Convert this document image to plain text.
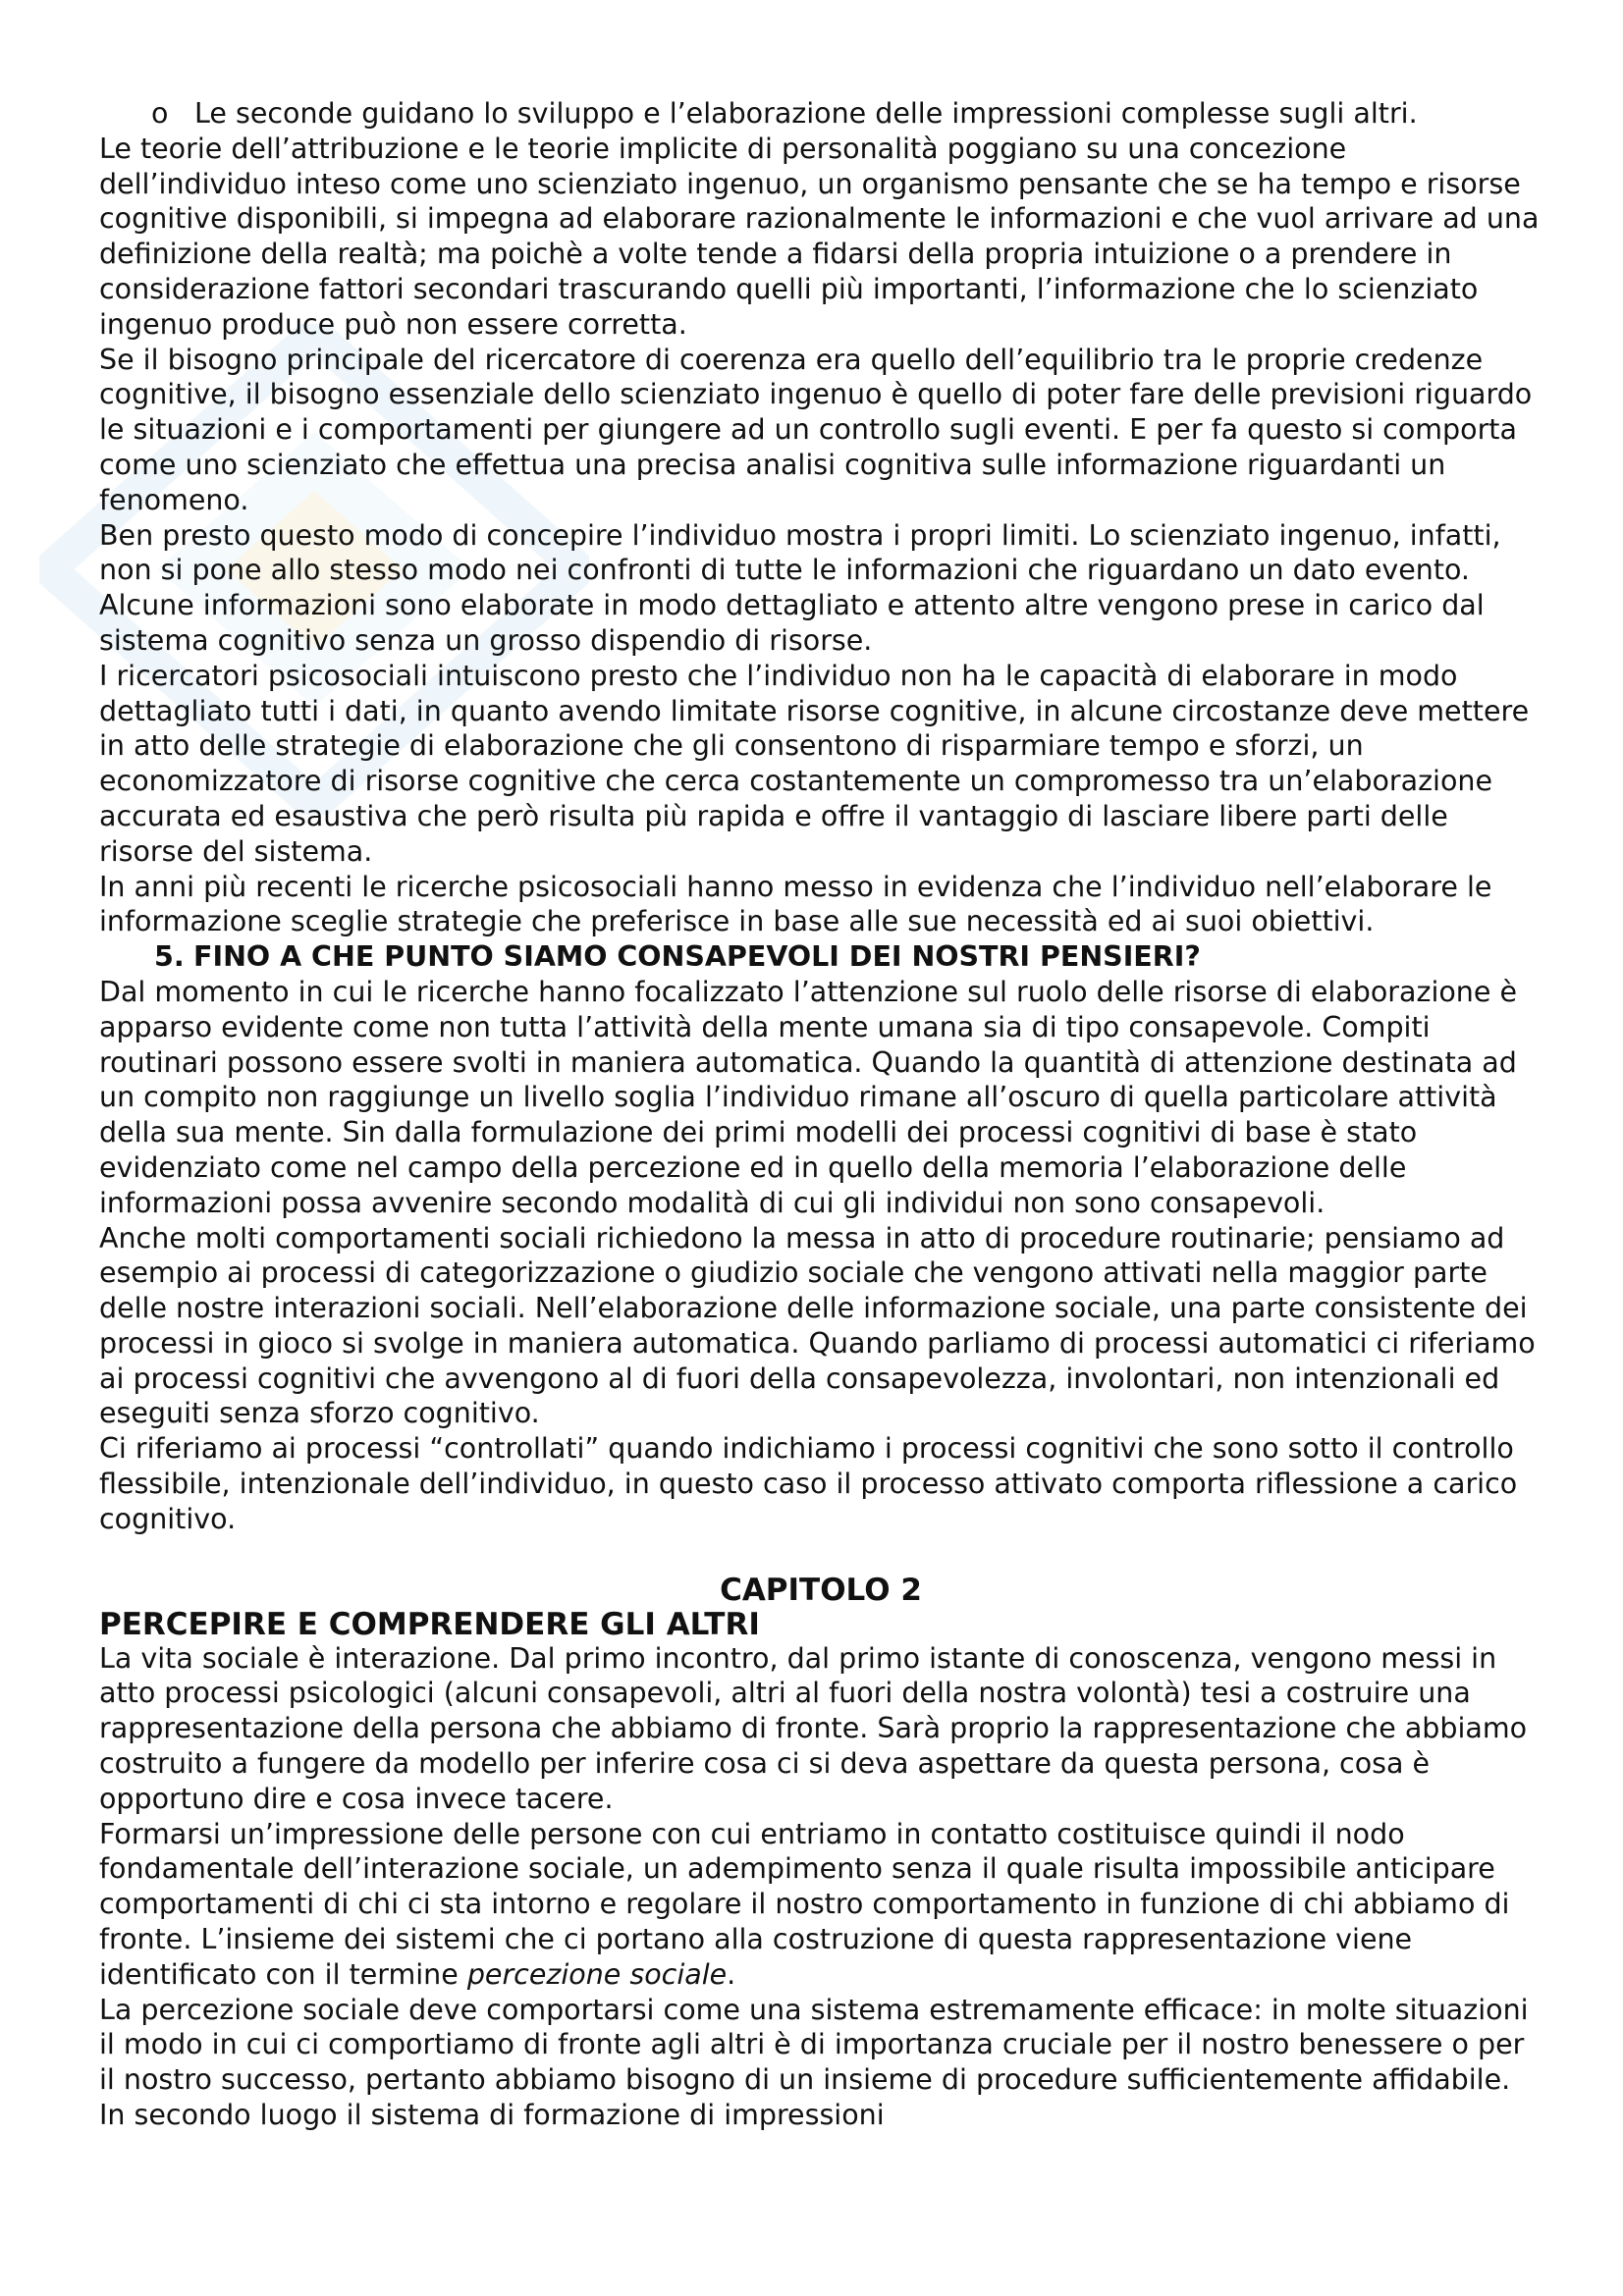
o Le seconde guidano lo sviluppo e l’elaborazione delle impressioni complesse sugli altri.

Le teorie dell’attribuzione e le teorie implicite di personalità poggiano su una concezione dell’individuo inteso come uno scienziato ingenuo, un organismo pensante che se ha tempo e risorse cognitive disponibili, si impegna ad elaborare razionalmente le informazioni e che vuol arrivare ad una definizione della realtà; ma poichè a volte tende a fidarsi della propria intuizione o a prendere in considerazione fattori secondari trascurando quelli più importanti, l’informazione che lo scienziato ingenuo produce può non essere corretta.

Se il bisogno principale del ricercatore di coerenza era quello dell’equilibrio tra le proprie credenze cognitive, il bisogno essenziale dello scienziato ingenuo è quello di poter fare delle previsioni riguardo le situazioni e i comportamenti per giungere ad un controllo sugli eventi. E per fa questo si comporta come uno scienziato che effettua una precisa analisi cognitiva sulle informazione riguardanti un fenomeno.

Ben presto questo modo di concepire l’individuo mostra i propri limiti. Lo scienziato ingenuo, infatti, non si pone allo stesso modo nei confronti di tutte le informazioni che riguardano un dato evento. Alcune informazioni sono elaborate in modo dettagliato e attento altre vengono prese in carico dal sistema cognitivo senza un grosso dispendio di risorse.

I ricercatori psicosociali intuiscono presto che l’individuo non ha le capacità di elaborare in modo dettagliato tutti i dati, in quanto avendo limitate risorse cognitive, in alcune circostanze deve mettere in atto delle strategie di elaborazione che gli consentono di risparmiare tempo e sforzi, un economizzatore di risorse cognitive che cerca costantemente un compromesso tra un’elaborazione accurata ed esaustiva che però risulta più rapida e offre il vantaggio di lasciare libere parti delle risorse del sistema.

In anni più recenti le ricerche psicosociali hanno messo in evidenza che l’individuo nell’elaborare le informazione sceglie strategie che preferisce in base alle sue necessità ed ai suoi obiettivi.

5. FINO A CHE PUNTO SIAMO CONSAPEVOLI DEI NOSTRI PENSIERI?

Dal momento in cui le ricerche hanno focalizzato l’attenzione sul ruolo delle risorse di elaborazione è apparso evidente come non tutta l’attività della mente umana sia di tipo consapevole. Compiti routinari possono essere svolti in maniera automatica. Quando la quantità di attenzione destinata ad un compito non raggiunge un livello soglia l’individuo rimane all’oscuro di quella particolare attività della sua mente. Sin dalla formulazione dei primi modelli dei processi cognitivi di base è stato evidenziato come nel campo della percezione ed in quello della memoria l’elaborazione delle informazioni possa avvenire secondo modalità di cui gli individui non sono consapevoli.

Anche molti comportamenti sociali richiedono la messa in atto di procedure routinarie; pensiamo ad esempio ai processi di categorizzazione o giudizio sociale che vengono attivati nella maggior parte delle nostre interazioni sociali. Nell’elaborazione delle informazione sociale, una parte consistente dei processi in gioco si svolge in maniera automatica. Quando parliamo di processi automatici ci riferiamo ai processi cognitivi che avvengono al di fuori della consapevolezza, involontari, non intenzionali ed eseguiti senza sforzo cognitivo.

Ci riferiamo ai processi “controllati” quando indichiamo i processi cognitivi che sono sotto il controllo flessibile, intenzionale dell’individuo, in questo caso il processo attivato comporta riflessione a carico cognitivo.

CAPITOLO 2
PERCEPIRE E COMPRENDERE GLI ALTRI

La vita sociale è interazione. Dal primo incontro, dal primo istante di conoscenza, vengono messi in atto processi psicologici (alcuni consapevoli, altri al fuori della nostra volontà) tesi a costruire una rappresentazione della persona che abbiamo di fronte. Sarà proprio la rappresentazione che abbiamo costruito a fungere da modello per inferire cosa ci si deva aspettare da questa persona, cosa è opportuno dire e cosa invece tacere.

Formarsi un’impressione delle persone con cui entriamo in contatto costituisce quindi il nodo fondamentale dell’interazione sociale, un adempimento senza il quale risulta impossibile anticipare comportamenti di chi ci sta intorno e regolare il nostro comportamento in funzione di chi abbiamo di fronte. L’insieme dei sistemi che ci portano alla costruzione di questa rappresentazione viene identificato con il termine percezione sociale.

La percezione sociale deve comportarsi come una sistema estremamente efficace: in molte situazioni il modo in cui ci comportiamo di fronte agli altri è di importanza cruciale per il nostro benessere o per il nostro successo, pertanto abbiamo bisogno di un insieme di procedure sufficientemente affidabile. In secondo luogo il sistema di formazione di impressioni
